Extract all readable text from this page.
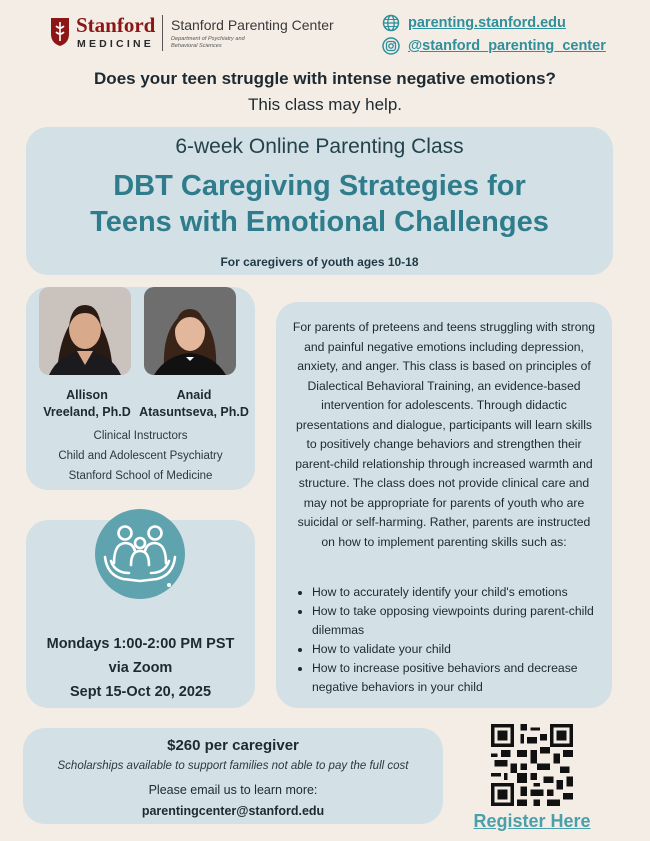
Stanford
MEDICINE
Stanford Parenting Center
Department of Psychiatry and Behavioral Sciences
parenting.stanford.edu
@stanford_parenting_center
Does your teen struggle with intense negative emotions?
This class may help.
6-week Online Parenting Class
DBT Caregiving Strategies for
Teens with Emotional Challenges
For caregivers of youth ages 10-18
Allison
Vreeland, Ph.D
Anaid
Atasuntseva, Ph.D
Clinical Instructors
Child and Adolescent Psychiatry
Stanford School of Medicine
For parents of preteens and teens struggling with strong and painful negative emotions including depression, anxiety, and anger. This class is based on principles of Dialectical Behavioral Training, an evidence-based intervention for adolescents. Through didactic presentations and dialogue, participants will learn skills to positively change behaviors and strengthen their parent-child relationship through increased warmth and structure. The class does not provide clinical care and may not be appropriate for parents of youth who are suicidal or self-harming. Rather, parents are instructed on how to implement parenting skills such as:
• How to accurately identify your child's emotions
• How to take opposing viewpoints during parent-child dilemmas
• How to validate your child
• How to increase positive behaviors and decrease negative behaviors in your child
Mondays 1:00-2:00 PM PST
via Zoom
Sept 15-Oct 20, 2025
$260 per caregiver
Scholarships available to support families not able to pay the full cost
Please email us to learn more:
parentingcenter@stanford.edu	Register Here
